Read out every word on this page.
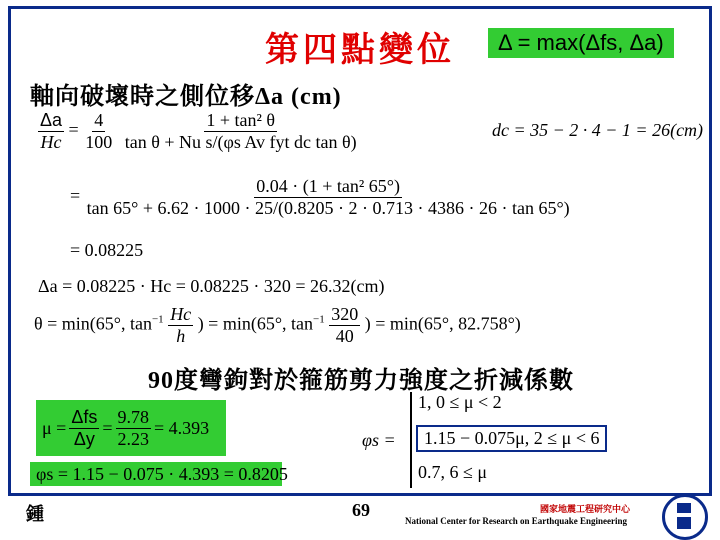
第四點變位	Δ = max(Δfs, Δa)
軸向破壞時之側位移Δa (cm)
$\frac{\Delta a}{Hc} = \frac{4}{100}$
$\frac{\text{1 + tan² θ}}{\text{tan θ + Nu s/(φs Av fyt dc tan θ)}}$	dc = 35 − 2 · 4 − 1 = 26(cm)
=	0.04 · (1 + tan² 65°)
tan 65° + 6.62 · 1000 · 25/(0.8205 · 2 · 0.713 · 4386 · 26 · tan 65°)
= 0.08225
Δa = 0.08225 · Hc = 0.08225 · 320 = 26.32(cm)
θ = min(65°, $\tan^{-1} \frac{Hc}{h}$ ) = min(65°, $\tan^{-1} \frac{320}{40}$ ) = min(65°, 82.758°)
90度彎鉤對於箍筋剪力強度之折減係數
$\mu = \frac{\text{Δfs}}{\Delta y} = \frac{9.78}{2.23} = 4.393$
φs = 1.15 − 0.075 · 4.393 = 0.8205
φs =
1, 0 ≤ μ < 2
1.15 − 0.075μ, 2 ≤ μ < 6
0.7, 6 ≤ μ
鍾	69	國家地震工程研究中心
National Center for Research on Earthquake Engineering
